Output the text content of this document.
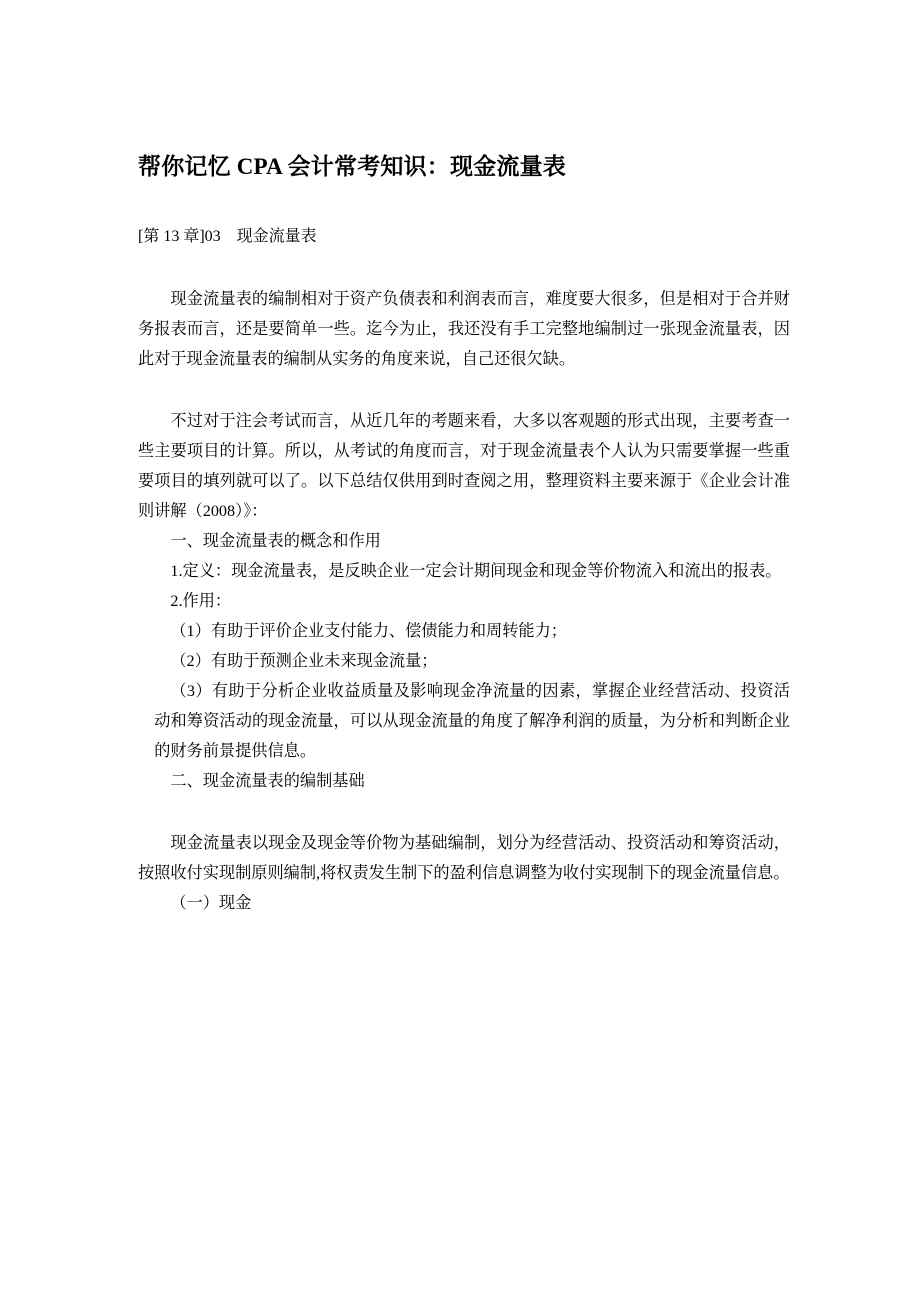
帮你记忆 CPA 会计常考知识：现金流量表

[第 13 章]03　现金流量表

现金流量表的编制相对于资产负债表和利润表而言，难度要大很多，但是相对于合并财务报表而言，还是要简单一些。迄今为止，我还没有手工完整地编制过一张现金流量表，因此对于现金流量表的编制从实务的角度来说，自己还很欠缺。

不过对于注会考试而言，从近几年的考题来看，大多以客观题的形式出现，主要考查一些主要项目的计算。所以，从考试的角度而言，对于现金流量表个人认为只需要掌握一些重要项目的填列就可以了。以下总结仅供用到时查阅之用，整理资料主要来源于《企业会计准则讲解（2008）》：

一、现金流量表的概念和作用

1.定义：现金流量表，是反映企业一定会计期间现金和现金等价物流入和流出的报表。

2.作用：

（1）有助于评价企业支付能力、偿债能力和周转能力；

（2）有助于预测企业未来现金流量；

（3）有助于分析企业收益质量及影响现金净流量的因素，掌握企业经营活动、投资活动和筹资活动的现金流量，可以从现金流量的角度了解净利润的质量，为分析和判断企业的财务前景提供信息。

二、现金流量表的编制基础

现金流量表以现金及现金等价物为基础编制，划分为经营活动、投资活动和筹资活动，按照收付实现制原则编制,将权责发生制下的盈利信息调整为收付实现制下的现金流量信息。

（一）现金
